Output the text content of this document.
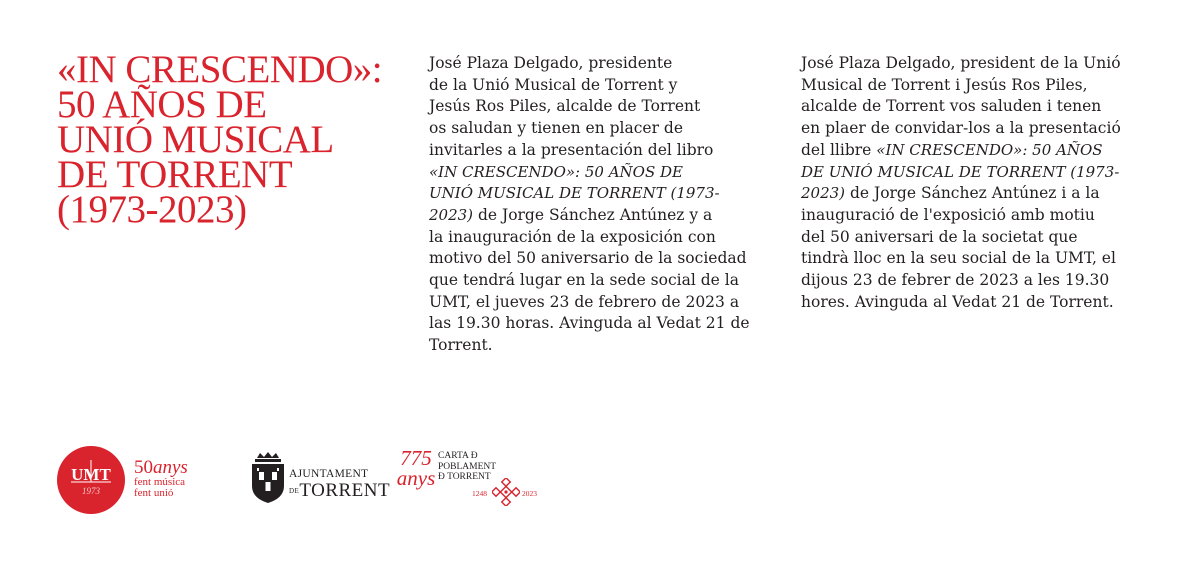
«IN CRESCENDO»:
50 AÑOS DE
UNIÓ MUSICAL
DE TORRENT
(1973-2023)
José Plaza Delgado, presidente
de la Unió Musical de Torrent y
Jesús Ros Piles, alcalde de Torrent
os saludan y tienen en placer de
invitarles a la presentación del libro
«IN CRESCENDO»: 50 AÑOS DE
UNIÓ MUSICAL DE TORRENT (1973-
2023) de Jorge Sánchez Antúnez y a
la inauguración de la exposición con
motivo del 50 aniversario de la sociedad
que tendrá lugar en la sede social de la
UMT, el jueves 23 de febrero de 2023 a
las 19.30 horas. Avinguda al Vedat 21 de
Torrent.
José Plaza Delgado, president de la Unió
Musical de Torrent i Jesús Ros Piles,
alcalde de Torrent vos saluden i tenen
en plaer de convidar-los a la presentació
del llibre «IN CRESCENDO»: 50 AÑOS
DE UNIÓ MUSICAL DE TORRENT (1973-
2023) de Jorge Sánchez Antúnez i a la
inauguració de l'exposició amb motiu
del 50 aniversari de la societat que
tindrà lloc en la seu social de la UMT, el
dijous 23 de febrer de 2023 a les 19.30
hores. Avinguda al Vedat 21 de Torrent.
UMT
1973
50anys
fent música
fent unió
AJUNTAMENT
DETORRENT
775
anys
CARTA Ð
POBLAMENT
Ð TORRENT
1248	2023
